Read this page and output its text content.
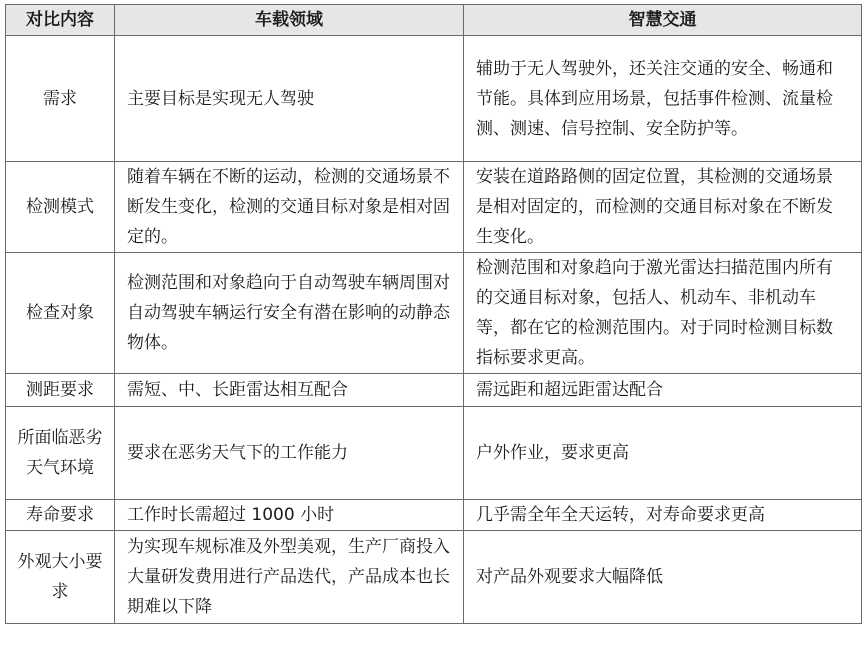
对比内容	车载领域	智慧交通
需求	主要目标是实现无人驾驶	辅助于无人驾驶外，还关注交通的安全、畅通和节能。具体到应用场景，包括事件检测、流量检测、测速、信号控制、安全防护等。
检测模式	随着车辆在不断的运动，检测的交通场景不断发生变化，检测的交通目标对象是相对固定的。	安装在道路路侧的固定位置，其检测的交通场景是相对固定的，而检测的交通目标对象在不断发生变化。
检查对象	检测范围和对象趋向于自动驾驶车辆周围对自动驾驶车辆运行安全有潜在影响的动静态物体。	检测范围和对象趋向于激光雷达扫描范围内所有的交通目标对象，包括人、机动车、非机动车等，都在它的检测范围内。对于同时检测目标数指标要求更高。
测距要求	需短、中、长距雷达相互配合	需远距和超远距雷达配合
所面临恶劣天气环境	要求在恶劣天气下的工作能力	户外作业，要求更高
寿命要求	工作时长需超过 1000 小时	几乎需全年全天运转，对寿命要求更高
外观大小要求	为实现车规标准及外型美观，生产厂商投入大量研发费用进行产品迭代，产品成本也长期难以下降	对产品外观要求大幅降低
